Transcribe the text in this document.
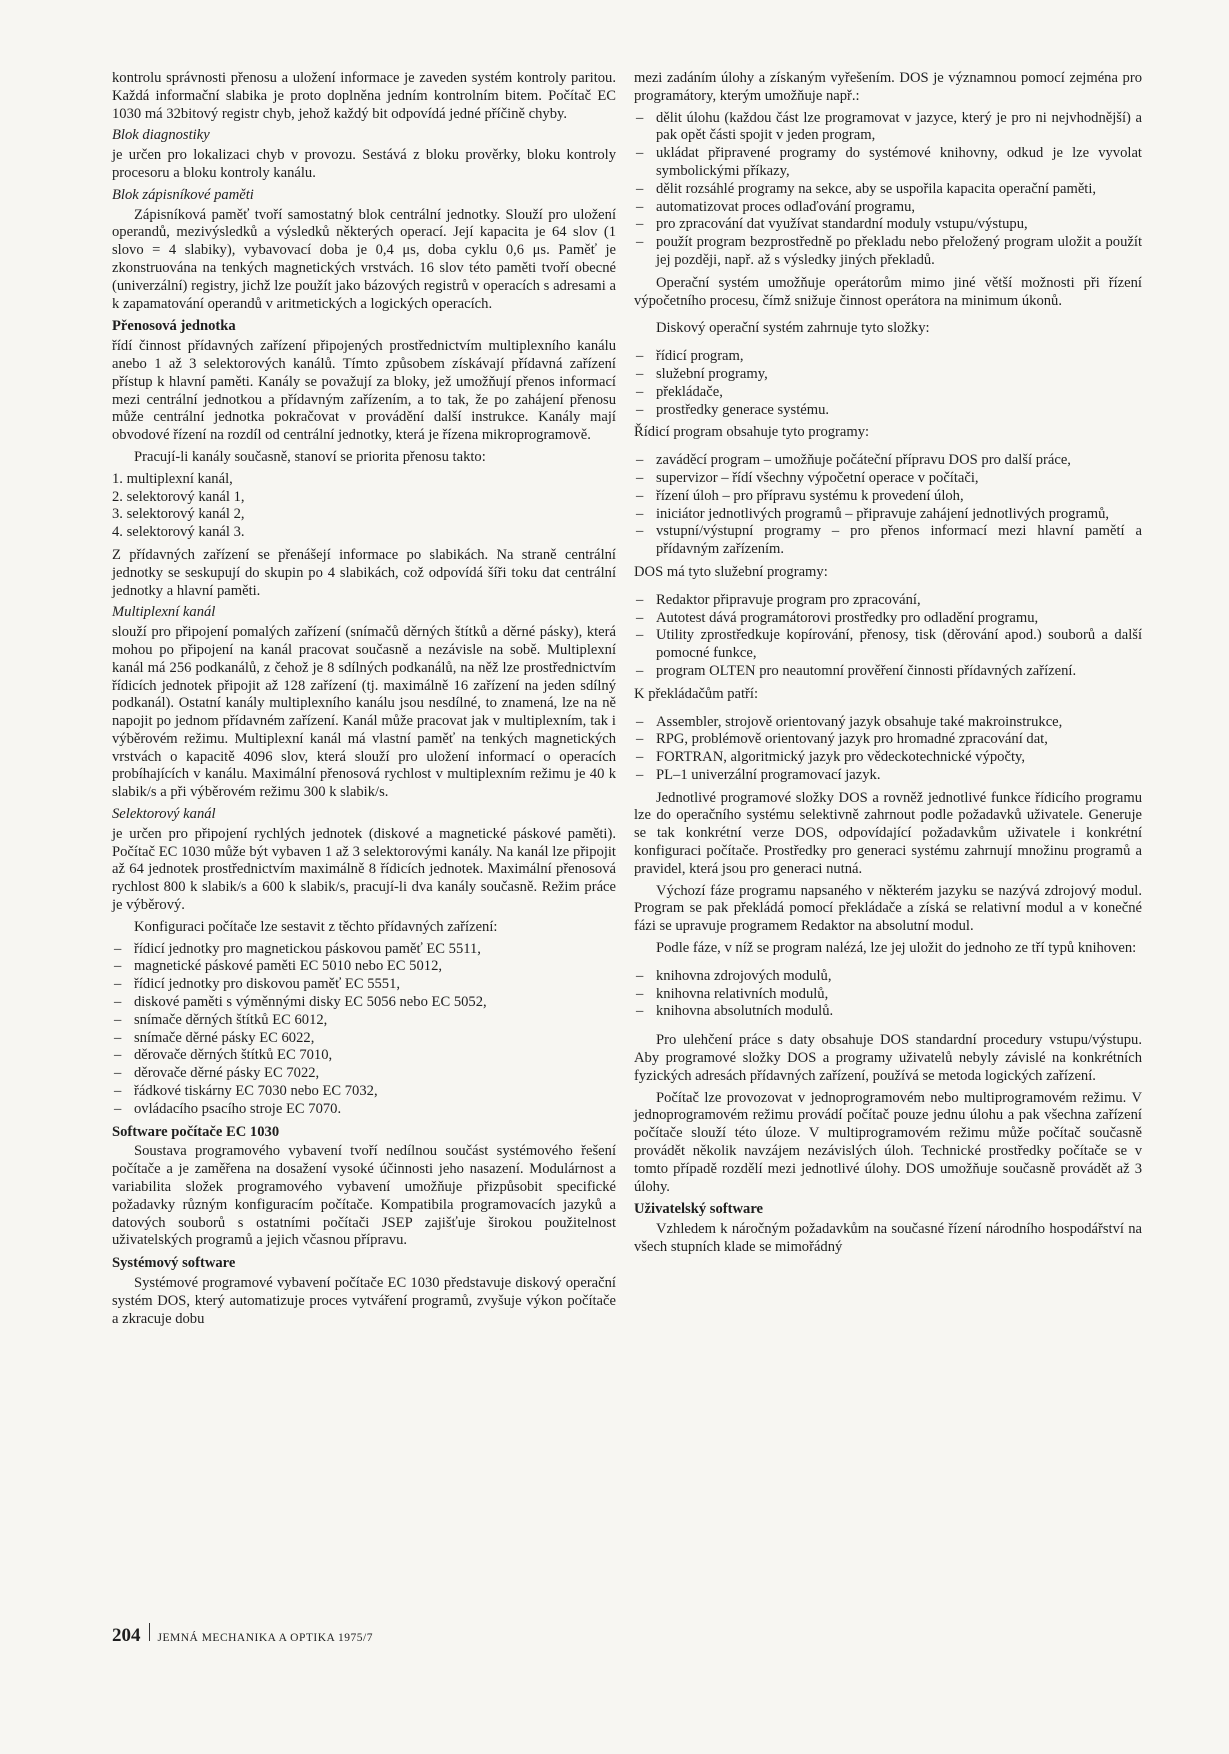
kontrolu správnosti přenosu a uložení informace je zaveden systém kontroly paritou. Každá informační slabika je proto doplněna jedním kontrolním bitem. Počítač EC 1030 má 32bitový registr chyb, jehož každý bit odpovídá jedné příčině chyby.

Blok diagnostiky

je určen pro lokalizaci chyb v provozu. Sestává z bloku prověrky, bloku kontroly procesoru a bloku kontroly kanálu.

Blok zápisníkové paměti

Zápisníková paměť tvoří samostatný blok centrální jednotky. Slouží pro uložení operandů, mezivýsledků a výsledků některých operací. Její kapacita je 64 slov (1 slovo = 4 slabiky), vybavovací doba je 0,4 μs, doba cyklu 0,6 μs. Paměť je zkonstruována na tenkých magnetických vrstvách. 16 slov této paměti tvoří obecné (univerzální) registry, jichž lze použít jako bázových registrů v operacích s adresami a k zapamatování operandů v aritmetických a logických operacích.

Přenosová jednotka

řídí činnost přídavných zařízení připojených prostřednictvím multiplexního kanálu anebo 1 až 3 selektorových kanálů. Tímto způsobem získávají přídavná zařízení přístup k hlavní paměti. Kanály se považují za bloky, jež umožňují přenos informací mezi centrální jednotkou a přídavným zařízením, a to tak, že po zahájení přenosu může centrální jednotka pokračovat v provádění další instrukce. Kanály mají obvodové řízení na rozdíl od centrální jednotky, která je řízena mikroprogramově.

Pracují-li kanály současně, stanoví se priorita přenosu takto:

1. multiplexní kanál,
2. selektorový kanál 1,
3. selektorový kanál 2,
4. selektorový kanál 3.

Z přídavných zařízení se přenášejí informace po slabikách. Na straně centrální jednotky se seskupují do skupin po 4 slabikách, což odpovídá šíři toku dat centrální jednotky a hlavní paměti.

Multiplexní kanál

slouží pro připojení pomalých zařízení (snímačů děrných štítků a děrné pásky), která mohou po připojení na kanál pracovat současně a nezávisle na sobě. Multiplexní kanál má 256 podkanálů, z čehož je 8 sdílných podkanálů, na něž lze prostřednictvím řídicích jednotek připojit až 128 zařízení (tj. maximálně 16 zařízení na jeden sdílný podkanál). Ostatní kanály multiplexního kanálu jsou nesdílné, to znamená, lze na ně napojit po jednom přídavném zařízení. Kanál může pracovat jak v multiplexním, tak i výběrovém režimu. Multiplexní kanál má vlastní paměť na tenkých magnetických vrstvách o kapacitě 4096 slov, která slouží pro uložení informací o operacích probíhajících v kanálu. Maximální přenosová rychlost v multiplexním režimu je 40 k slabik/s a při výběrovém režimu 300 k slabik/s.

Selektorový kanál

je určen pro připojení rychlých jednotek (diskové a magnetické páskové paměti). Počítač EC 1030 může být vybaven 1 až 3 selektorovými kanály. Na kanál lze připojit až 64 jednotek prostřednictvím maximálně 8 řídicích jednotek. Maximální přenosová rychlost 800 k slabik/s a 600 k slabik/s, pracují-li dva kanály současně. Režim práce je výběrový.

Konfiguraci počítače lze sestavit z těchto přídavných zařízení:

– řídicí jednotky pro magnetickou páskovou paměť EC 5511,
– magnetické páskové paměti EC 5010 nebo EC 5012,
– řídicí jednotky pro diskovou paměť EC 5551,
– diskové paměti s výměnnými disky EC 5056 nebo EC 5052,
– snímače děrných štítků EC 6012,
– snímače děrné pásky EC 6022,
– děrovače děrných štítků EC 7010,
– děrovače děrné pásky EC 7022,
– řádkové tiskárny EC 7030 nebo EC 7032,
– ovládacího psacího stroje EC 7070.
Software počítače EC 1030

Soustava programového vybavení tvoří nedílnou součást systémového řešení počítače a je zaměřena na dosažení vysoké účinnosti jeho nasazení. Modulárnost a variabilita složek programového vybavení umožňuje přizpůsobit specifické požadavky různým konfiguracím počítače. Kompatibila programovacích jazyků a datových souborů s ostatními počítači JSEP zajišťuje širokou použitelnost uživatelských programů a jejich včasnou přípravu.

Systémový software

Systémové programové vybavení počítače EC 1030 představuje diskový operační systém DOS, který automatizuje proces vytváření programů, zvyšuje výkon počítače a zkracuje dobu

mezi zadáním úlohy a získaným vyřešením. DOS je významnou pomocí zejména pro programátory, kterým umožňuje např.:

– dělit úlohu (každou část lze programovat v jazyce, který je pro ni nejvhodnější) a pak opět části spojit v jeden program,
– ukládat připravené programy do systémové knihovny, odkud je lze vyvolat symbolickými příkazy,
– dělit rozsáhlé programy na sekce, aby se uspořila kapacita operační paměti,
– automatizovat proces odlaďování programu,
– pro zpracování dat využívat standardní moduly vstupu/výstupu,
– použít program bezprostředně po překladu nebo přeložený program uložit a použít jej později, např. až s výsledky jiných překladů.

Operační systém umožňuje operátorům mimo jiné větší možnosti při řízení výpočetního procesu, čímž snižuje činnost operátora na minimum úkonů.

Diskový operační systém zahrnuje tyto složky:

– řídicí program,
– služební programy,
– překládače,
– prostředky generace systému.

Řídicí program obsahuje tyto programy:

– zaváděcí program – umožňuje počáteční přípravu DOS pro další práce,
– supervizor – řídí všechny výpočetní operace v počítači,
– řízení úloh – pro přípravu systému k provedení úloh,
– iniciátor jednotlivých programů – připravuje zahájení jednotlivých programů,
– vstupní/výstupní programy – pro přenos informací mezi hlavní pamětí a přídavným zařízením.

DOS má tyto služební programy:

– Redaktor připravuje program pro zpracování,
– Autotest dává programátorovi prostředky pro odladění programu,
– Utility zprostředkuje kopírování, přenosy, tisk (děrování apod.) souborů a další pomocné funkce,
– program OLTEN pro neautomní prověření činnosti přídavných zařízení.

K překládačům patří:

– Assembler, strojově orientovaný jazyk obsahuje také makroinstrukce,
– RPG, problémově orientovaný jazyk pro hromadné zpracování dat,
– FORTRAN, algoritmický jazyk pro vědeckotechnické výpočty,
– PL–1 univerzální programovací jazyk.

Jednotlivé programové složky DOS a rovněž jednotlivé funkce řídicího programu lze do operačního systému selektivně zahrnout podle požadavků uživatele. Generuje se tak konkrétní verze DOS, odpovídající požadavkům uživatele i konkrétní konfiguraci počítače. Prostředky pro generaci systému zahrnují množinu programů a pravidel, která jsou pro generaci nutná.

Výchozí fáze programu napsaného v některém jazyku se nazývá zdrojový modul. Program se pak překládá pomocí překládače a získá se relativní modul a v konečné fázi se upravuje programem Redaktor na absolutní modul.

Podle fáze, v níž se program nalézá, lze jej uložit do jednoho ze tří typů knihoven:

– knihovna zdrojových modulů,
– knihovna relativních modulů,
– knihovna absolutních modulů.

Pro ulehčení práce s daty obsahuje DOS standardní procedury vstupu/výstupu. Aby programové složky DOS a programy uživatelů nebyly závislé na konkrétních fyzických adresách přídavných zařízení, používá se metoda logických zařízení.

Počítač lze provozovat v jednoprogramovém nebo multiprogramovém režimu. V jednoprogramovém režimu provádí počítač pouze jednu úlohu a pak všechna zařízení počítače slouží této úloze. V multiprogramovém režimu může počítač současně provádět několik navzájem nezávislých úloh. Technické prostředky počítače se v tomto případě rozdělí mezi jednotlivé úlohy. DOS umožňuje současně provádět až 3 úlohy.

Uživatelský software

Vzhledem k náročným požadavkům na současné řízení národního hospodářství na všech stupních klade se mimořádný

204 JEMNÁ MECHANIKA A OPTIKA 1975/7
